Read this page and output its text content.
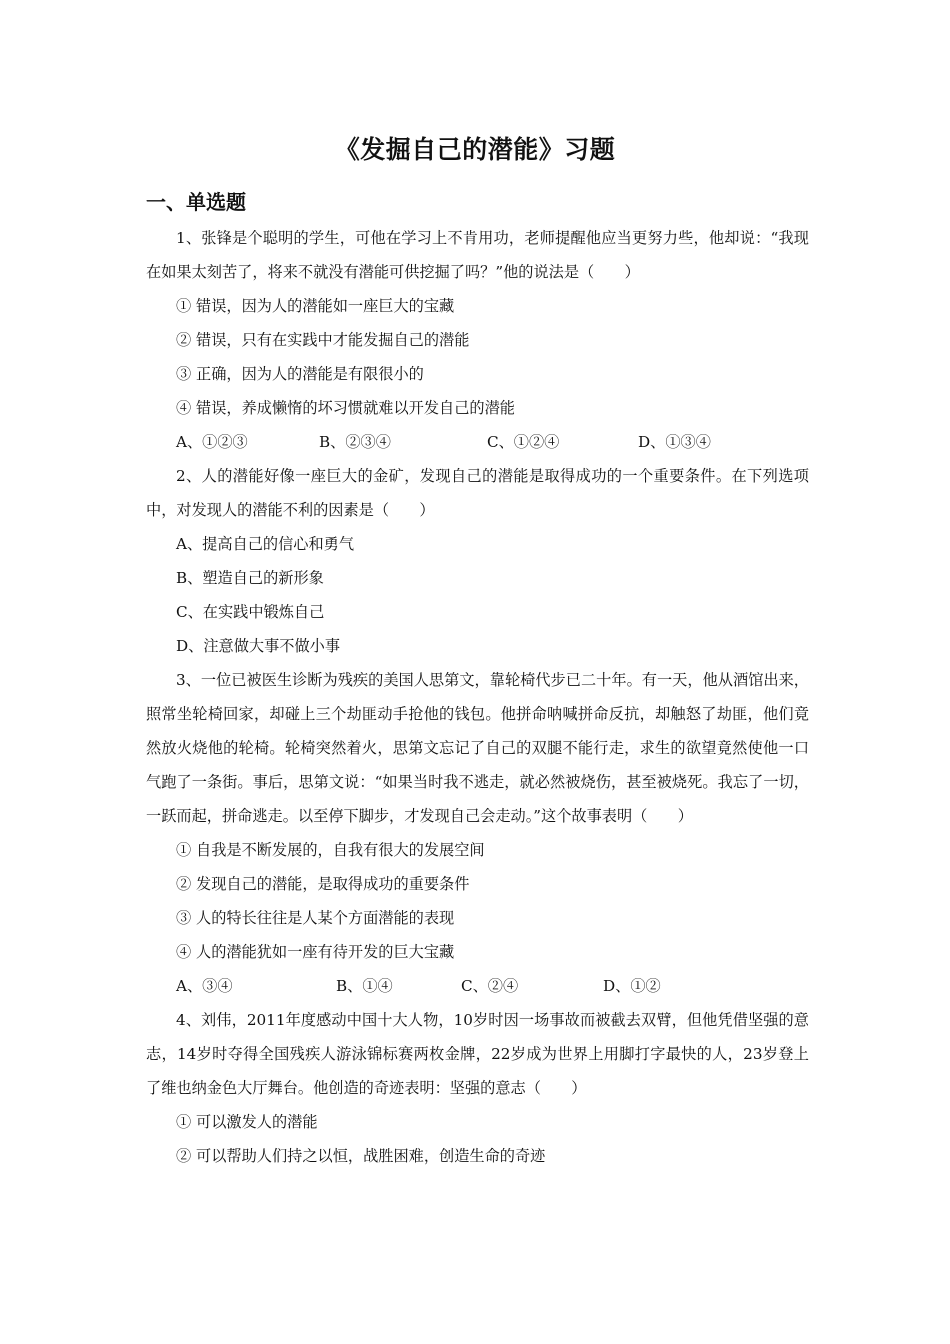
《发掘自己的潜能》习题
一、单选题

1、张锋是个聪明的学生，可他在学习上不肯用功，老师提醒他应当更努力些，他却说：“我现在如果太刻苦了，将来不就没有潜能可供挖掘了吗？”他的说法是（　　）

① 错误，因为人的潜能如一座巨大的宝藏

② 错误，只有在实践中才能发掘自己的潜能

③ 正确，因为人的潜能是有限很小的

④ 错误，养成懒惰的坏习惯就难以开发自己的潜能

A、①②③	B、②③④	C、①②④	D、①③④

2、人的潜能好像一座巨大的金矿，发现自己的潜能是取得成功的一个重要条件。在下列选项中，对发现人的潜能不利的因素是（　　）

A、提高自己的信心和勇气

B、塑造自己的新形象

C、在实践中锻炼自己

D、注意做大事不做小事

3、一位已被医生诊断为残疾的美国人思第文，靠轮椅代步已二十年。有一天，他从酒馆出来，照常坐轮椅回家，却碰上三个劫匪动手抢他的钱包。他拼命呐喊拼命反抗，却触怒了劫匪，他们竟然放火烧他的轮椅。轮椅突然着火，思第文忘记了自己的双腿不能行走，求生的欲望竟然使他一口气跑了一条街。事后，思第文说：“如果当时我不逃走，就必然被烧伤，甚至被烧死。我忘了一切，一跃而起，拼命逃走。以至停下脚步，才发现自己会走动。”这个故事表明（　　）

① 自我是不断发展的，自我有很大的发展空间

② 发现自己的潜能，是取得成功的重要条件

③ 人的特长往往是人某个方面潜能的表现

④ 人的潜能犹如一座有待开发的巨大宝藏

A、③④	B、①④	C、②④	D、①②

4、刘伟，2011年度感动中国十大人物，10岁时因一场事故而被截去双臂，但他凭借坚强的意志，14岁时夺得全国残疾人游泳锦标赛两枚金牌，22岁成为世界上用脚打字最快的人，23岁登上了维也纳金色大厅舞台。他创造的奇迹表明：坚强的意志（　　）

① 可以激发人的潜能

② 可以帮助人们持之以恒，战胜困难，创造生命的奇迹
